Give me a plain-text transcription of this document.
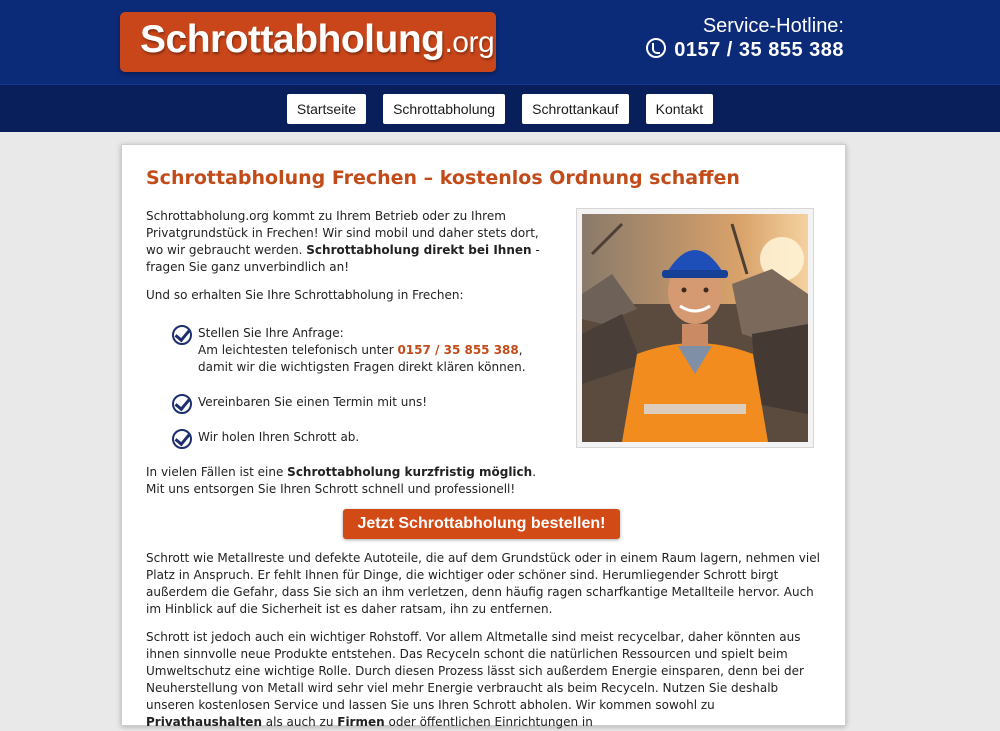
Schrottabholung.org	Service-Hotline:
0157 / 35 855 388
Startseite	Schrottabholung	Schrottankauf	Kontakt
Schrottabholung Frechen – kostenlos Ordnung schaffen
Schrottabholung.org kommt zu Ihrem Betrieb oder zu Ihrem Privatgrundstück in Frechen! Wir sind mobil und daher stets dort, wo wir gebraucht werden. Schrottabholung direkt bei Ihnen - fragen Sie ganz unverbindlich an!
Und so erhalten Sie Ihre Schrottabholung in Frechen:
Stellen Sie Ihre Anfrage:
Am leichtesten telefonisch unter 0157 / 35 855 388, damit wir die wichtigsten Fragen direkt klären können.
Vereinbaren Sie einen Termin mit uns!
Wir holen Ihren Schrott ab.
In vielen Fällen ist eine Schrottabholung kurzfristig möglich. Mit uns entsorgen Sie Ihren Schrott schnell und professionell!
Jetzt Schrottabholung bestellen!
Schrott wie Metallreste und defekte Autoteile, die auf dem Grundstück oder in einem Raum lagern, nehmen viel Platz in Anspruch. Er fehlt Ihnen für Dinge, die wichtiger oder schöner sind. Herumliegender Schrott birgt außerdem die Gefahr, dass Sie sich an ihm verletzen, denn häufig ragen scharfkantige Metallteile hervor. Auch im Hinblick auf die Sicherheit ist es daher ratsam, ihn zu entfernen.
Schrott ist jedoch auch ein wichtiger Rohstoff. Vor allem Altmetalle sind meist recycelbar, daher könnten aus ihnen sinnvolle neue Produkte entstehen. Das Recyceln schont die natürlichen Ressourcen und spielt beim Umweltschutz eine wichtige Rolle. Durch diesen Prozess lässt sich außerdem Energie einsparen, denn bei der Neuherstellung von Metall wird sehr viel mehr Energie verbraucht als beim Recyceln. Nutzen Sie deshalb unseren kostenlosen Service und lassen Sie uns Ihren Schrott abholen. Wir kommen sowohl zu Privathaushalten als auch zu Firmen oder öffentlichen Einrichtungen in
